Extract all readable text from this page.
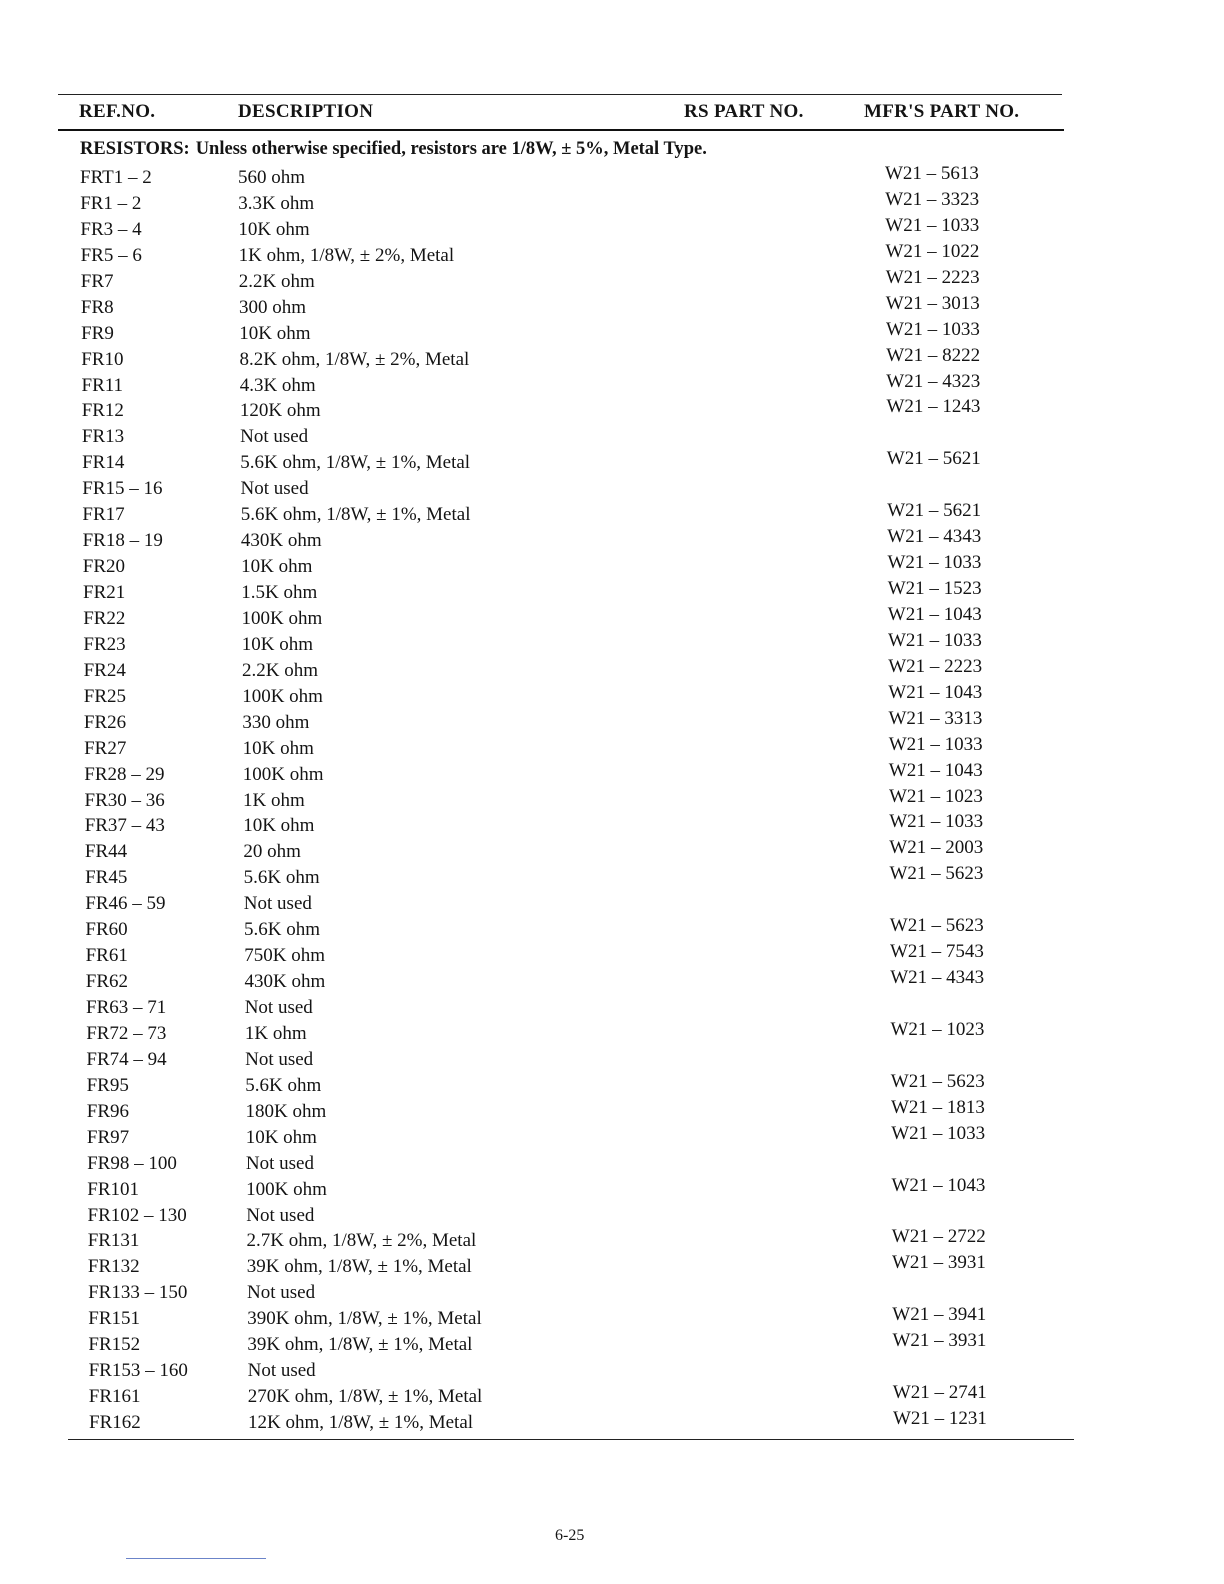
REF.NO.	DESCRIPTION	RS PART NO.	MFR'S PART NO.
RESISTORS: Unless otherwise specified, resistors are 1/8W, ± 5%, Metal Type.
FRT1 – 2	560 ohm	W21 – 5613
FR1 – 2	3.3K ohm	W21 – 3323
FR3 – 4	10K ohm	W21 – 1033
FR5 – 6	1K ohm, 1/8W, ± 2%, Metal	W21 – 1022
FR7	2.2K ohm	W21 – 2223
FR8	300 ohm	W21 – 3013
FR9	10K ohm	W21 – 1033
FR10	8.2K ohm, 1/8W, ± 2%, Metal	W21 – 8222
FR11	4.3K ohm	W21 – 4323
FR12	120K ohm	W21 – 1243
FR13	Not used
FR14	5.6K ohm, 1/8W, ± 1%, Metal	W21 – 5621
FR15 – 16	Not used
FR17	5.6K ohm, 1/8W, ± 1%, Metal	W21 – 5621
FR18 – 19	430K ohm	W21 – 4343
FR20	10K ohm	W21 – 1033
FR21	1.5K ohm	W21 – 1523
FR22	100K ohm	W21 – 1043
FR23	10K ohm	W21 – 1033
FR24	2.2K ohm	W21 – 2223
FR25	100K ohm	W21 – 1043
FR26	330 ohm	W21 – 3313
FR27	10K ohm	W21 – 1033
FR28 – 29	100K ohm	W21 – 1043
FR30 – 36	1K ohm	W21 – 1023
FR37 – 43	10K ohm	W21 – 1033
FR44	20 ohm	W21 – 2003
FR45	5.6K ohm	W21 – 5623
FR46 – 59	Not used
FR60	5.6K ohm	W21 – 5623
FR61	750K ohm	W21 – 7543
FR62	430K ohm	W21 – 4343
FR63 – 71	Not used
FR72 – 73	1K ohm	W21 – 1023
FR74 – 94	Not used
FR95	5.6K ohm	W21 – 5623
FR96	180K ohm	W21 – 1813
FR97	10K ohm	W21 – 1033
FR98 – 100	Not used
FR101	100K ohm	W21 – 1043
FR102 – 130	Not used
FR131	2.7K ohm, 1/8W, ± 2%, Metal	W21 – 2722
FR132	39K ohm, 1/8W, ± 1%, Metal	W21 – 3931
FR133 – 150	Not used
FR151	390K ohm, 1/8W, ± 1%, Metal	W21 – 3941
FR152	39K ohm, 1/8W, ± 1%, Metal	W21 – 3931
FR153 – 160	Not used
FR161	270K ohm, 1/8W, ± 1%, Metal	W21 – 2741
FR162	12K ohm, 1/8W, ± 1%, Metal	W21 – 1231
6-25
